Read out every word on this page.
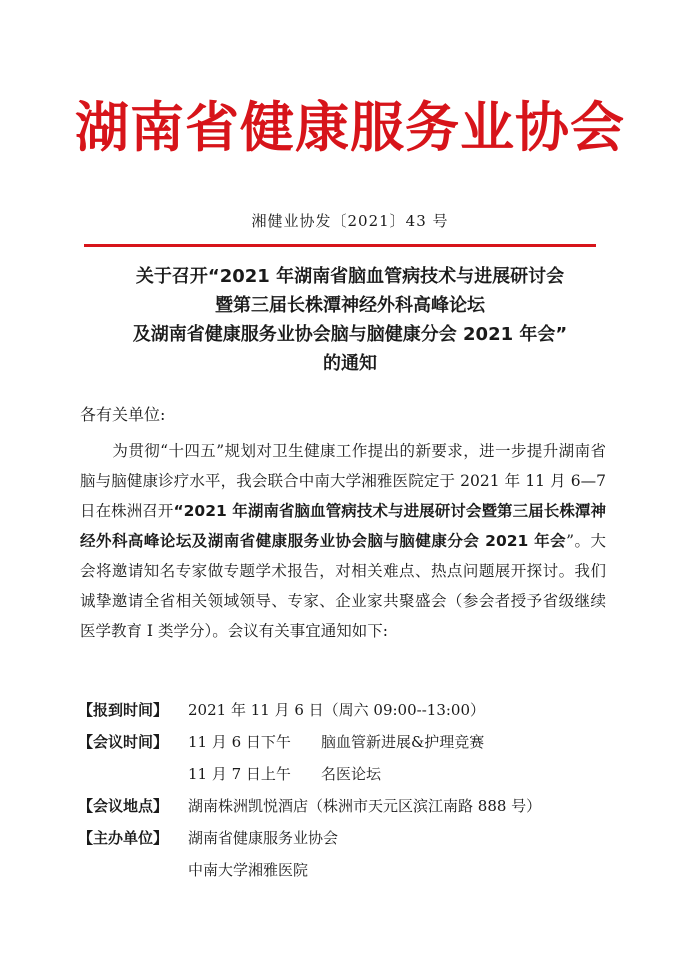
湖南省健康服务业协会
湘健业协发〔2021〕43 号
关于召开“2021 年湖南省脑血管病技术与进展研讨会
暨第三届长株潭神经外科高峰论坛
及湖南省健康服务业协会脑与脑健康分会 2021 年会”
的通知
各有关单位:
为贯彻“十四五”规划对卫生健康工作提出的新要求，进一步提升湖南省脑与脑健康诊疗水平，我会联合中南大学湘雅医院定于 2021 年 11 月 6—7 日在株洲召开“2021 年湖南省脑血管病技术与进展研讨会暨第三届长株潭神经外科高峰论坛及湖南省健康服务业协会脑与脑健康分会 2021 年会”。大会将邀请知名专家做专题学术报告，对相关难点、热点问题展开探讨。我们诚挚邀请全省相关领域领导、专家、企业家共聚盛会（参会者授予省级继续医学教育 I 类学分）。会议有关事宜通知如下:
【报到时间】	2021 年 11 月 6 日（周六 09:00--13:00）
【会议时间】	11 月 6 日下午 脑血管新进展&护理竞赛
11 月 7 日上午 名医论坛
【会议地点】	湖南株洲凯悦酒店（株洲市天元区滨江南路 888 号）
【主办单位】	湖南省健康服务业协会
中南大学湘雅医院
